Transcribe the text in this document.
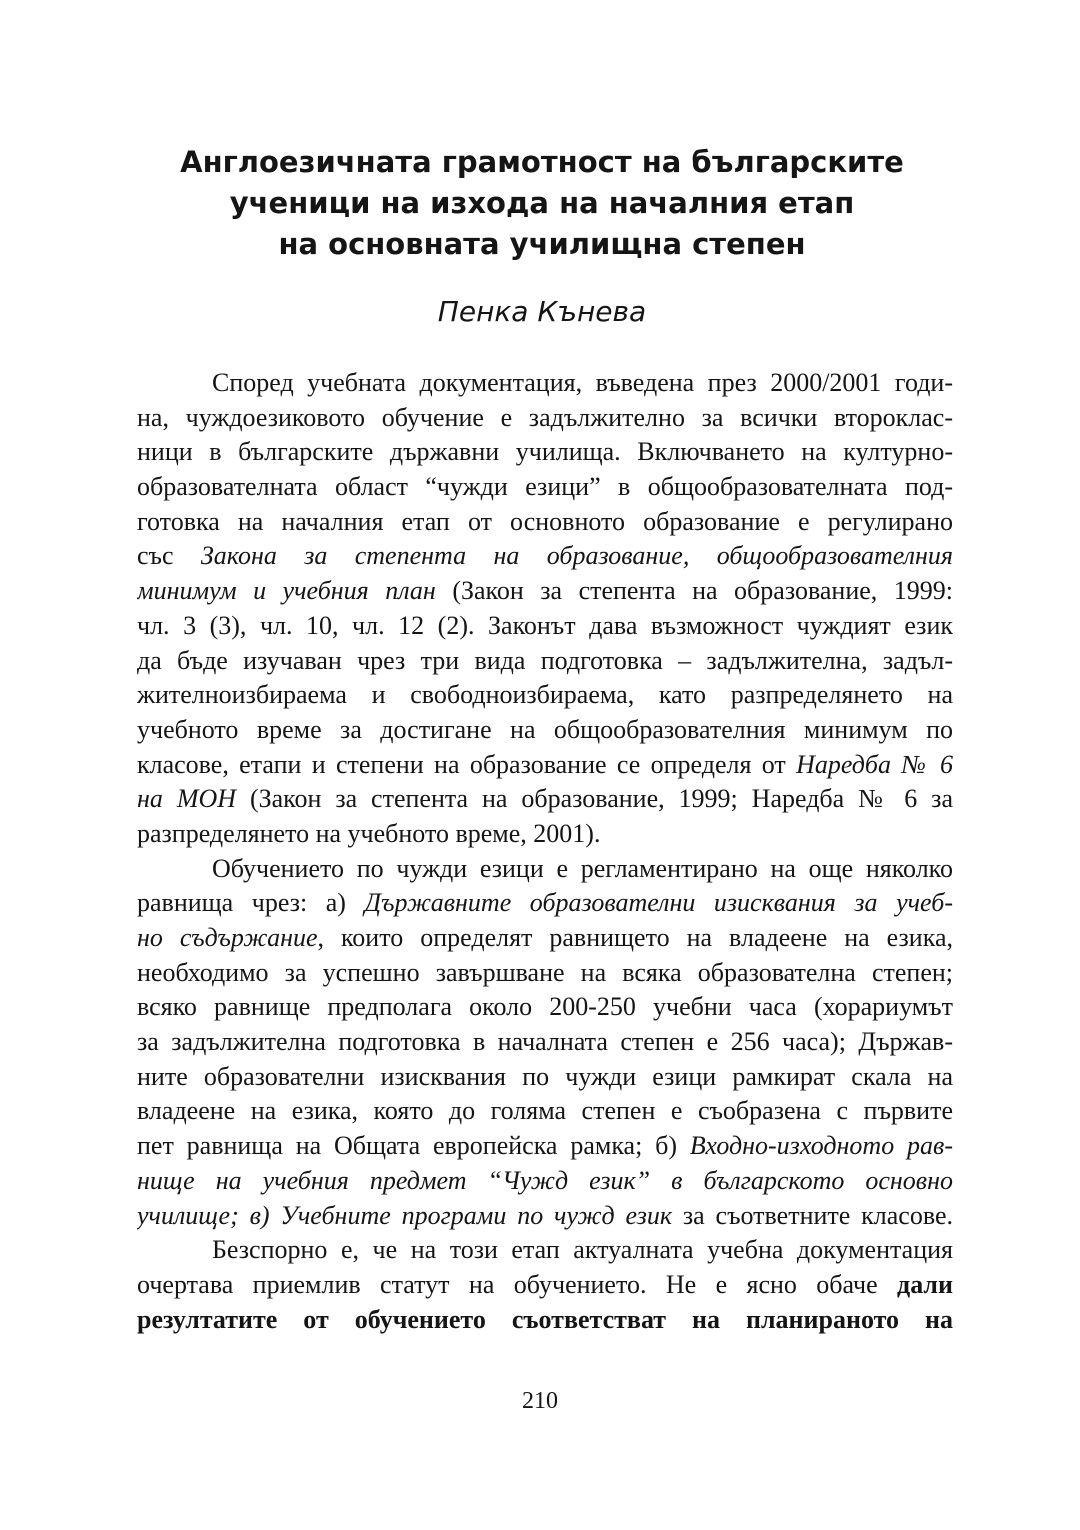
Англоезичната грамотност на българските
ученици на изхода на началния етап
на основната училищна степен
Пенка Кънева
Според учебната документация, въведена през 2000/2001 годи-
на, чуждоезиковото обучение е задължително за всички второклас-
ници в българските държавни училища. Включването на културно-
образователната област “чужди езици” в общообразователната под-
готовка на началния етап от основното образование е регулирано
със Закона за степента на образование, общообразователния
минимум и учебния план (Закон за степента на образование, 1999:
чл. 3 (3), чл. 10, чл. 12 (2). Законът дава възможност чуждият език
да бъде изучаван чрез три вида подготовка – задължителна, задъл-
жителноизбираема и свободноизбираема, като разпределянето на
учебното време за достигане на общообразователния минимум по
класове, етапи и степени на образование се определя от Наредба № 6
на МОН (Закон за степента на образование, 1999; Наредба № 6 за
разпределянето на учебното време, 2001).
Обучението по чужди езици е регламентирано на още няколко
равнища чрез: а) Държавните образователни изисквания за учеб-
но съдържание, които определят равнището на владеене на езика,
необходимо за успешно завършване на всяка образователна степен;
всяко равнище предполага около 200-250 учебни часа (хорариумът
за задължителна подготовка в началната степен е 256 часа); Държав-
ните образователни изисквания по чужди езици рамкират скала на
владеене на езика, която до голяма степен е съобразена с първите
пет равнища на Общата европейска рамка; б) Входно-изходното рав-
нище на учебния предмет “Чужд език” в българското основно
училище; в) Учебните програми по чужд език за съответните класове.
Безспорно е, че на този етап актуалната учебна документация
очертава приемлив статут на обучението. Не е ясно обаче дали
резултатите от обучението съответстват на планираното на
210
